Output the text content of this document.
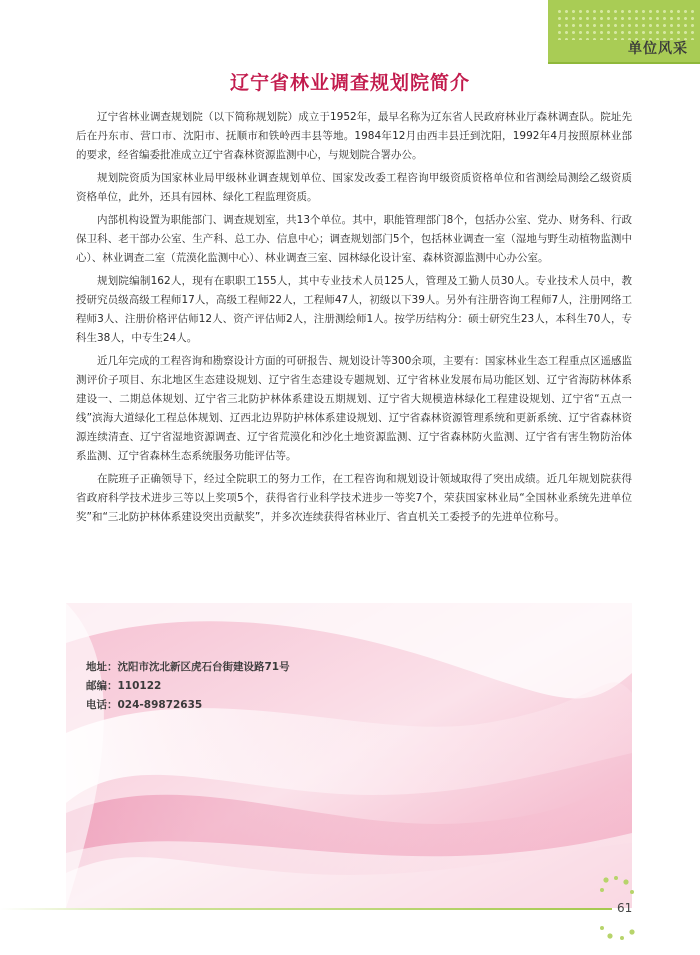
单位风采
辽宁省林业调查规划院简介

辽宁省林业调查规划院（以下简称规划院）成立于1952年，最早名称为辽东省人民政府林业厅森林调查队。院址先后在丹东市、营口市、沈阳市、抚顺市和铁岭西丰县等地。1984年12月由西丰县迁到沈阳，1992年4月按照原林业部的要求，经省编委批准成立辽宁省森林资源监测中心，与规划院合署办公。

规划院资质为国家林业局甲级林业调查规划单位、国家发改委工程咨询甲级资质资格单位和省测绘局测绘乙级资质资格单位，此外，还具有园林、绿化工程监理资质。

内部机构设置为职能部门、调查规划室，共13个单位。其中，职能管理部门8个，包括办公室、党办、财务科、行政保卫科、老干部办公室、生产科、总工办、信息中心；调查规划部门5个，包括林业调查一室（湿地与野生动植物监测中心）、林业调查二室（荒漠化监测中心）、林业调查三室、园林绿化设计室、森林资源监测中心办公室。

规划院编制162人，现有在职职工155人，其中专业技术人员125人，管理及工勤人员30人。专业技术人员中，教授研究员级高级工程师17人，高级工程师22人，工程师47人，初级以下39人。另外有注册咨询工程师7人，注册网络工程师3人、注册价格评估师12人、资产评估师2人，注册测绘师1人。按学历结构分：硕士研究生23人，本科生70人，专科生38人，中专生24人。

近几年完成的工程咨询和勘察设计方面的可研报告、规划设计等300余项，主要有：国家林业生态工程重点区遥感监测评价子项目、东北地区生态建设规划、辽宁省生态建设专题规划、辽宁省林业发展布局功能区划、辽宁省海防林体系建设一、二期总体规划、辽宁省三北防护林体系建设五期规划、辽宁省大规模造林绿化工程建设规划、辽宁省“五点一线”滨海大道绿化工程总体规划、辽西北边界防护林体系建设规划、辽宁省森林资源管理系统和更新系统、辽宁省森林资源连续清查、辽宁省湿地资源调查、辽宁省荒漠化和沙化土地资源监测、辽宁省森林防火监测、辽宁省有害生物防治体系监测、辽宁省森林生态系统服务功能评估等。

在院班子正确领导下，经过全院职工的努力工作，在工程咨询和规划设计领域取得了突出成绩。近几年规划院获得省政府科学技术进步三等以上奖项5个，获得省行业科学技术进步一等奖7个，荣获国家林业局“全国林业系统先进单位奖”和“三北防护林体系建设突出贡献奖”，并多次连续获得省林业厅、省直机关工委授予的先进单位称号。

地址：沈阳市沈北新区虎石台街建设路71号
邮编：110122
电话：024-89872635
61
